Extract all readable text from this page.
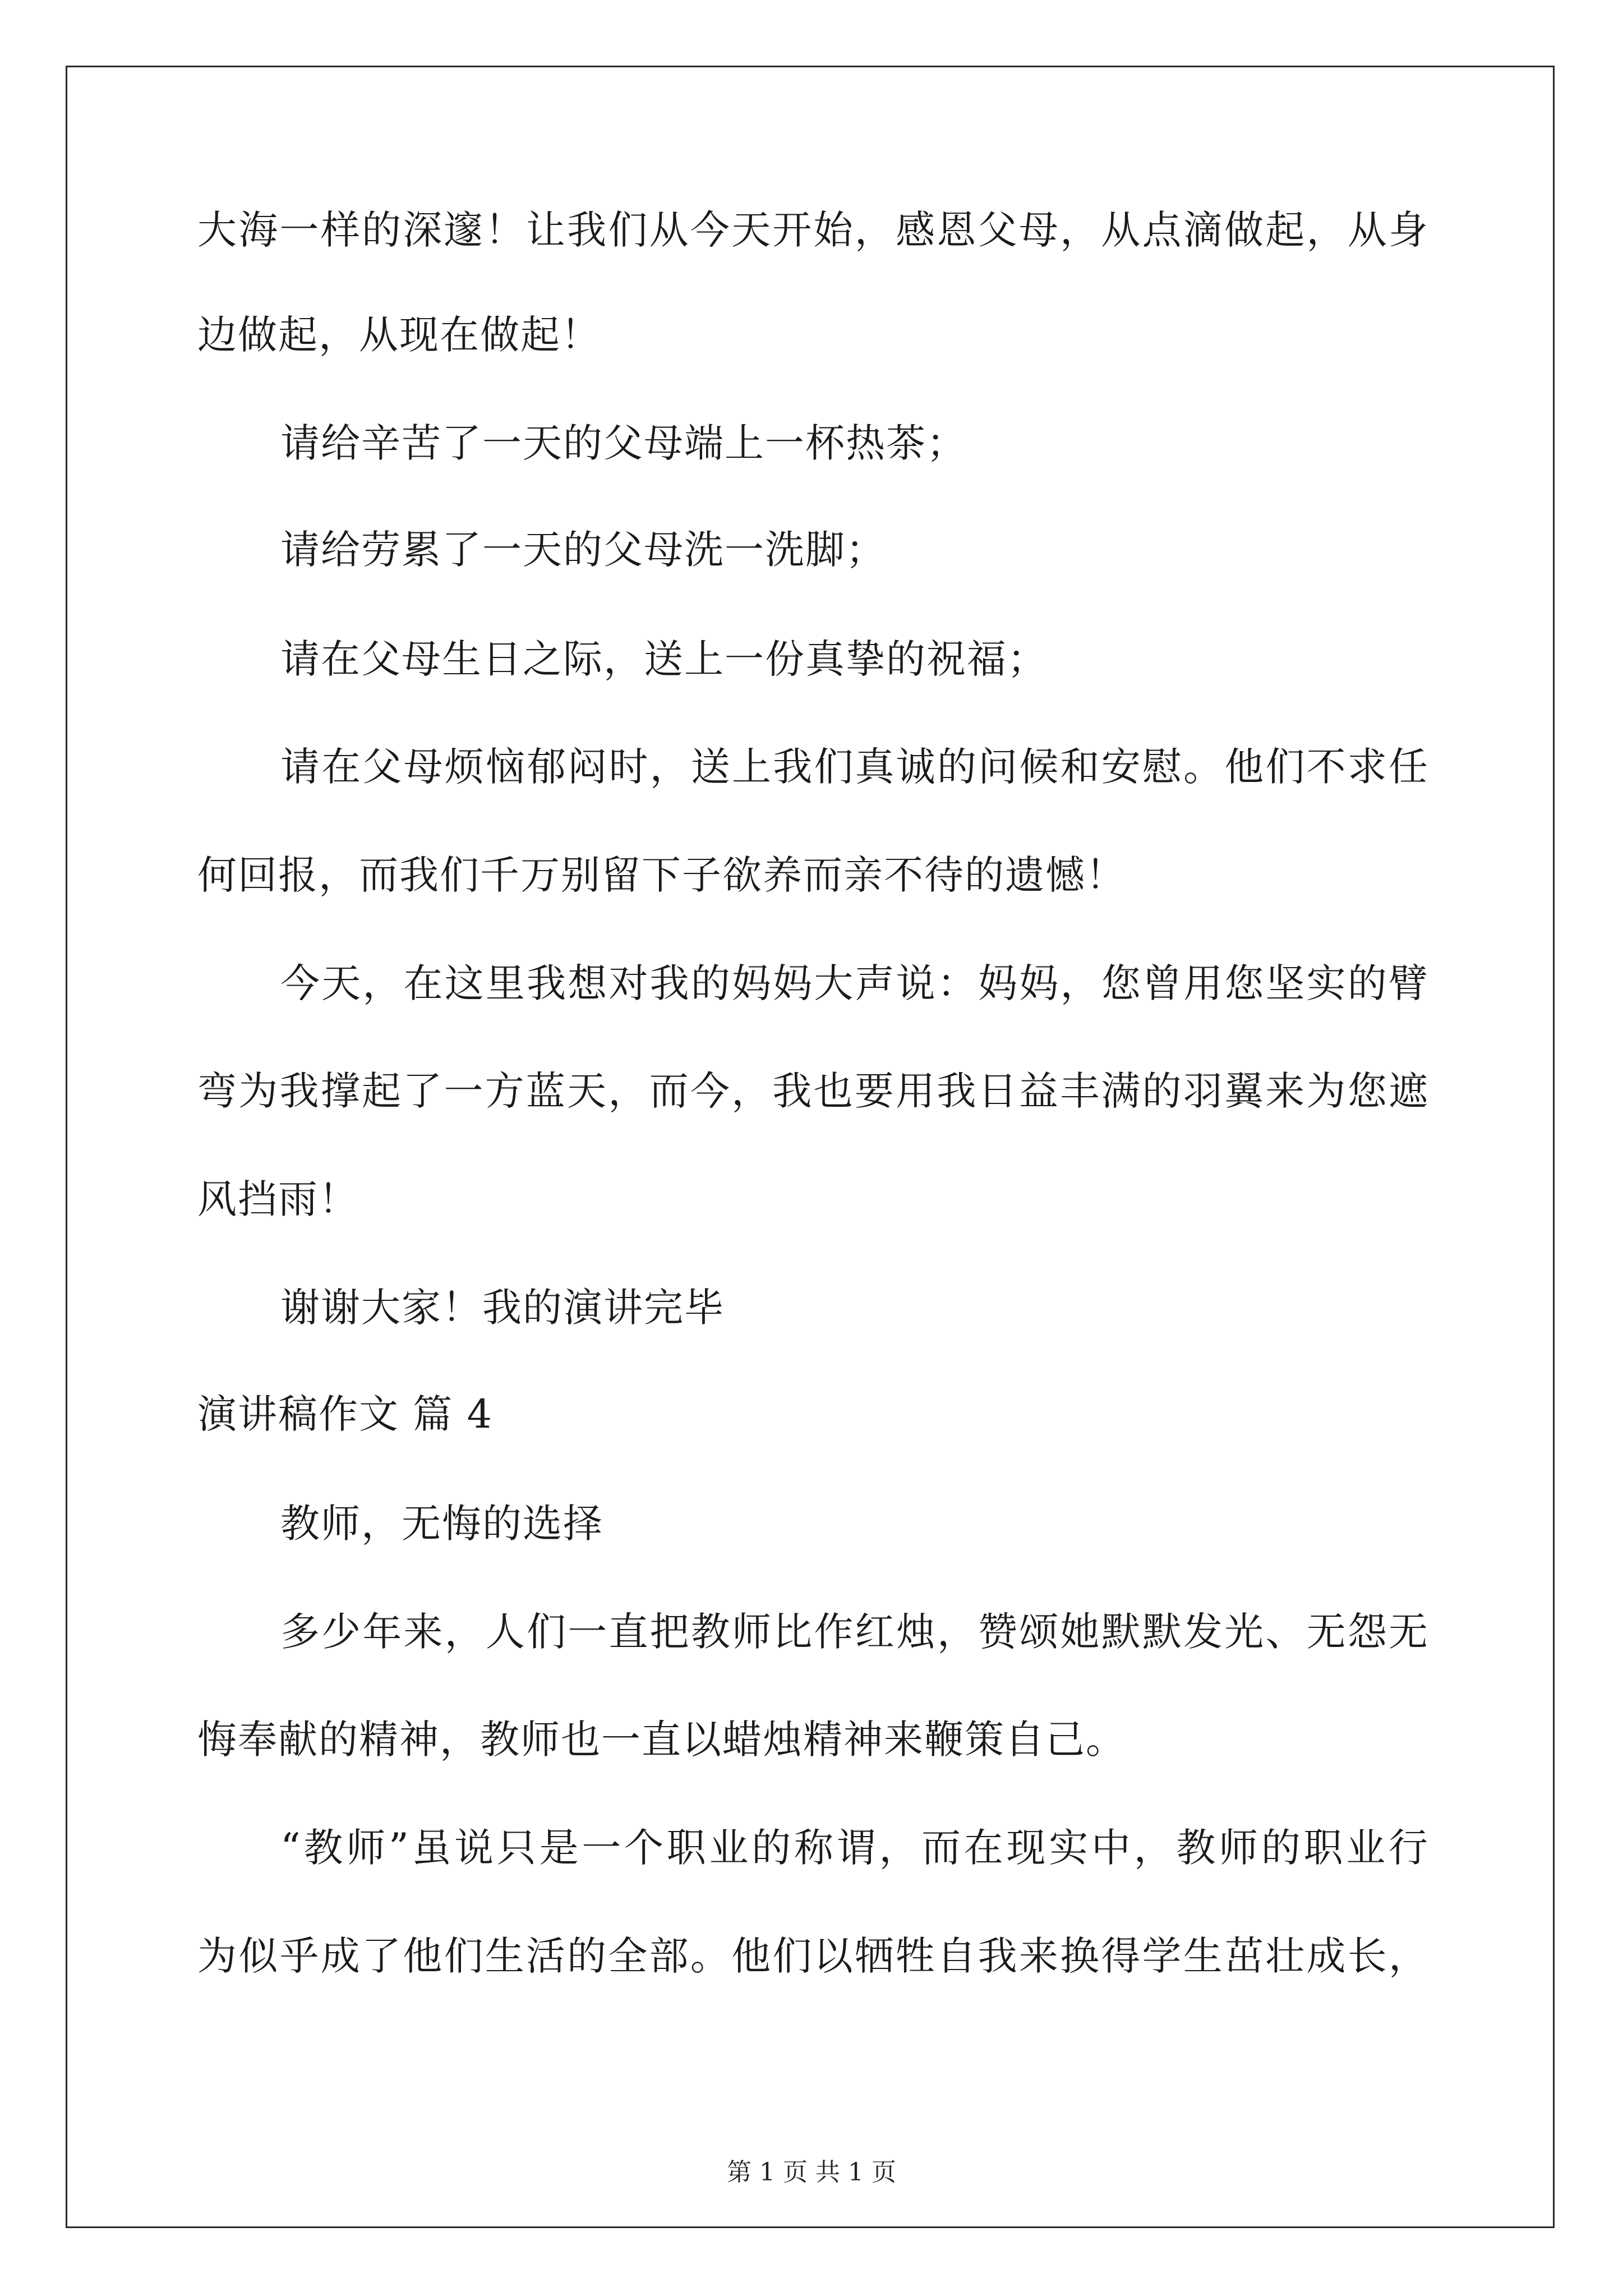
大海一样的深邃！让我们从今天开始，感恩父母，从点滴做起，从身
边做起，从现在做起！
请给辛苦了一天的父母端上一杯热茶；
请给劳累了一天的父母洗一洗脚；
请在父母生日之际，送上一份真挚的祝福；
请在父母烦恼郁闷时，送上我们真诚的问候和安慰。他们不求任
何回报，而我们千万别留下子欲养而亲不待的遗憾！
今天，在这里我想对我的妈妈大声说：妈妈，您曾用您坚实的臂
弯为我撑起了一方蓝天，而今，我也要用我日益丰满的羽翼来为您遮
风挡雨！
谢谢大家！我的演讲完毕
演讲稿作文 篇 4
教师，无悔的选择
多少年来，人们一直把教师比作红烛，赞颂她默默发光、无怨无
悔奉献的精神，教师也一直以蜡烛精神来鞭策自己。
“教师”虽说只是一个职业的称谓，而在现实中，教师的职业行
为似乎成了他们生活的全部。他们以牺牲自我来换得学生茁壮成长，
第 1 页 共 1 页
